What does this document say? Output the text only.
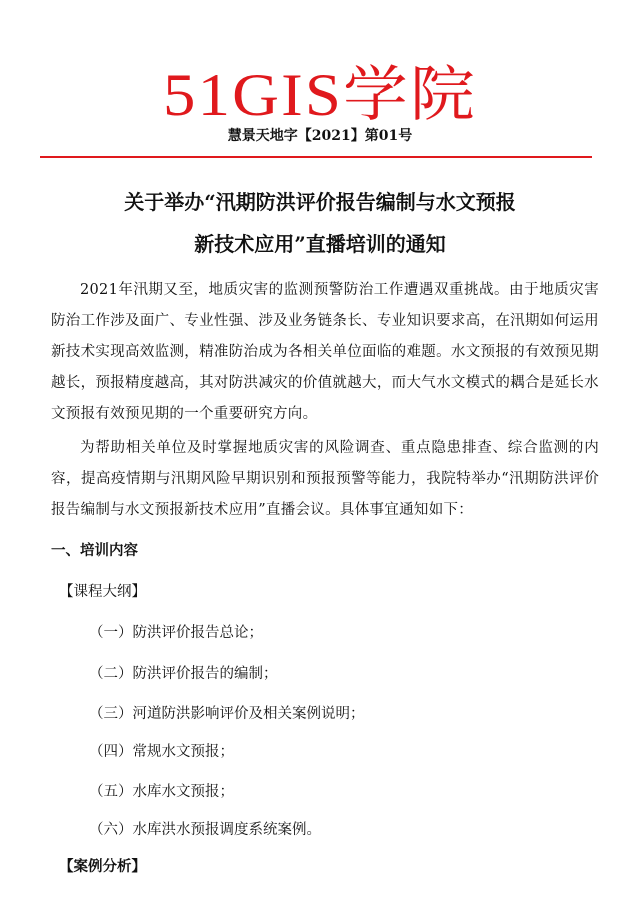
51GIS学院
慧景天地字【2021】第01号
关于举办“汛期防洪评价报告编制与水文预报
新技术应用”直播培训的通知

2021年汛期又至，地质灾害的监测预警防治工作遭遇双重挑战。由于地质灾害防治工作涉及面广、专业性强、涉及业务链条长、专业知识要求高，在汛期如何运用新技术实现高效监测，精准防治成为各相关单位面临的难题。水文预报的有效预见期越长，预报精度越高，其对防洪减灾的价值就越大，而大气水文模式的耦合是延长水文预报有效预见期的一个重要研究方向。

为帮助相关单位及时掌握地质灾害的风险调查、重点隐患排查、综合监测的内容，提高疫情期与汛期风险早期识别和预报预警等能力，我院特举办“汛期防洪评价报告编制与水文预报新技术应用”直播会议。具体事宜通知如下：

一、培训内容
【课程大纲】
（一）防洪评价报告总论；
（二）防洪评价报告的编制；
（三）河道防洪影响评价及相关案例说明；
（四）常规水文预报；
（五）水库水文预报；
（六）水库洪水预报调度系统案例。
【案例分析】
